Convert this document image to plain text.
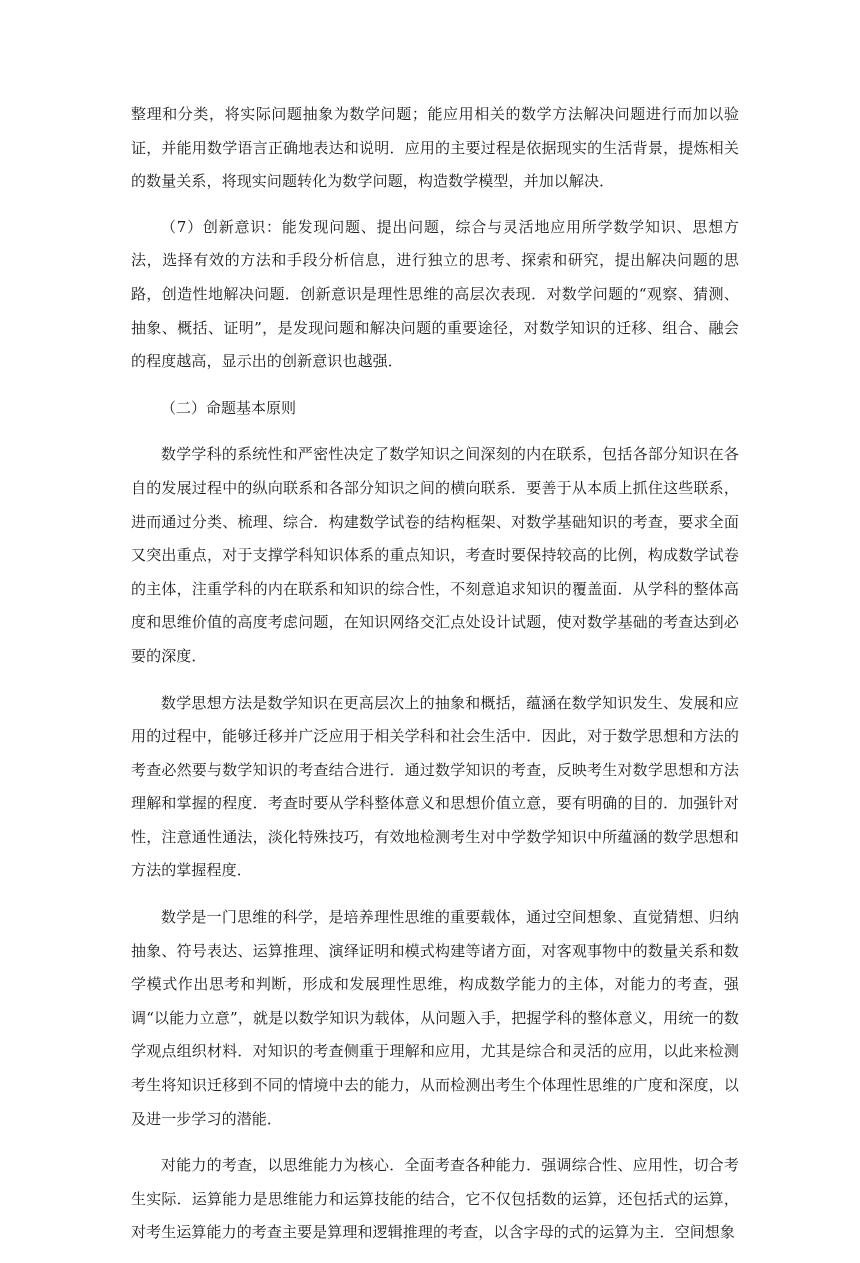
整理和分类，将实际问题抽象为数学问题；能应用相关的数学方法解决问题进行而加以验证，并能用数学语言正确地表达和说明．应用的主要过程是依据现实的生活背景，提炼相关的数量关系，将现实问题转化为数学问题，构造数学模型，并加以解决．

（7）创新意识：能发现问题、提出问题，综合与灵活地应用所学数学知识、思想方法，选择有效的方法和手段分析信息，进行独立的思考、探索和研究，提出解决问题的思路，创造性地解决问题．创新意识是理性思维的高层次表现．对数学问题的“观察、猜测、抽象、概括、证明”，是发现问题和解决问题的重要途径，对数学知识的迁移、组合、融会的程度越高，显示出的创新意识也越强．

（二）命题基本原则

数学学科的系统性和严密性决定了数学知识之间深刻的内在联系，包括各部分知识在各自的发展过程中的纵向联系和各部分知识之间的横向联系．要善于从本质上抓住这些联系，进而通过分类、梳理、综合．构建数学试卷的结构框架、对数学基础知识的考查，要求全面又突出重点，对于支撑学科知识体系的重点知识，考查时要保持较高的比例，构成数学试卷的主体，注重学科的内在联系和知识的综合性，不刻意追求知识的覆盖面．从学科的整体高度和思维价值的高度考虑问题，在知识网络交汇点处设计试题，使对数学基础的考查达到必要的深度．

数学思想方法是数学知识在更高层次上的抽象和概括，蕴涵在数学知识发生、发展和应用的过程中，能够迁移并广泛应用于相关学科和社会生活中．因此，对于数学思想和方法的考查必然要与数学知识的考查结合进行．通过数学知识的考查，反映考生对数学思想和方法理解和掌握的程度．考查时要从学科整体意义和思想价值立意，要有明确的目的．加强针对性，注意通性通法，淡化特殊技巧，有效地检测考生对中学数学知识中所蕴涵的数学思想和方法的掌握程度．

数学是一门思维的科学，是培养理性思维的重要载体，通过空间想象、直觉猜想、归纳抽象、符号表达、运算推理、演绎证明和模式构建等诸方面，对客观事物中的数量关系和数学模式作出思考和判断，形成和发展理性思维，构成数学能力的主体，对能力的考查，强调“以能力立意”，就是以数学知识为载体，从问题入手，把握学科的整体意义，用统一的数学观点组织材料．对知识的考查侧重于理解和应用，尤其是综合和灵活的应用，以此来检测考生将知识迁移到不同的情境中去的能力，从而检测出考生个体理性思维的广度和深度，以及进一步学习的潜能．

对能力的考查，以思维能力为核心．全面考查各种能力．强调综合性、应用性，切合考生实际．运算能力是思维能力和运算技能的结合，它不仅包括数的运算，还包括式的运算，对考生运算能力的考查主要是算理和逻辑推理的考查，以含字母的式的运算为主．空间想象
